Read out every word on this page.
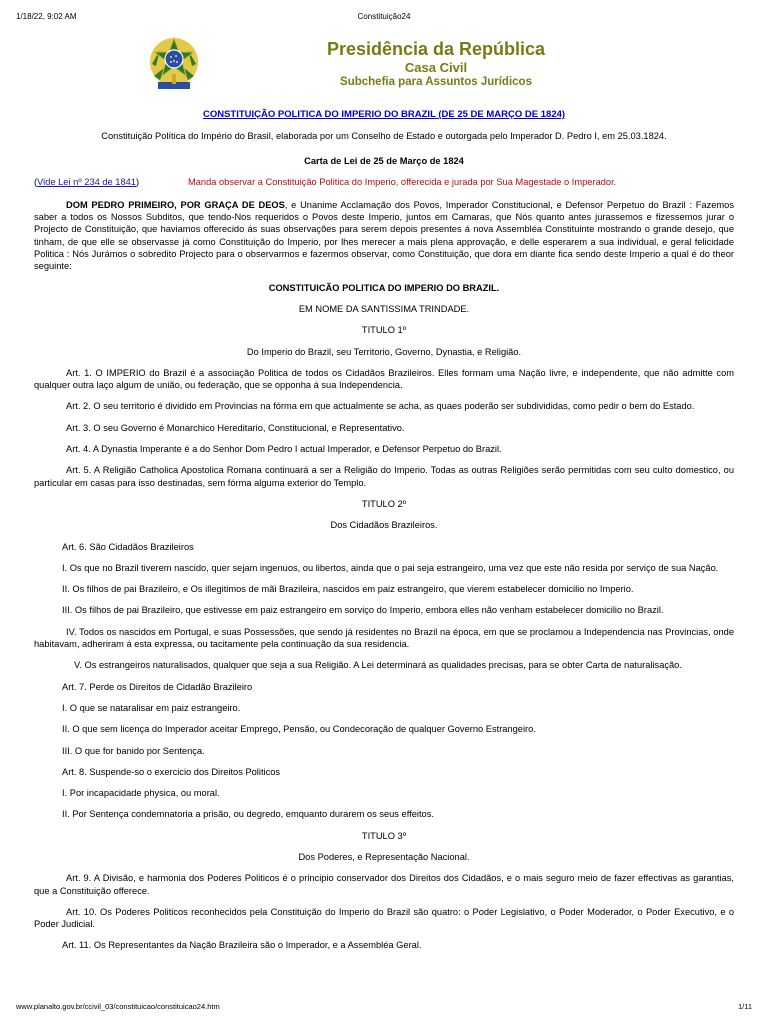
1/18/22, 9:02 AM	Constituição24
Presidência da República
Casa Civil
Subchefia para Assuntos Jurídicos

CONSTITUIÇÃO POLITICA DO IMPERIO DO BRAZIL (DE 25 DE MARÇO DE 1824)

Constituição Política do Império do Brasil, elaborada por um Conselho de Estado e outorgada pelo Imperador D. Pedro I, em 25.03.1824.

Carta de Lei de 25 de Março de 1824

(Vide Lei nº 234 de 1841)	Manda observar a Constituição Politica do Imperio, offerecida e jurada por Sua Magestade o Imperador.

DOM PEDRO PRIMEIRO, POR GRAÇA DE DEOS, e Unanime Acclamação dos Povos, Imperador Constitucional, e Defensor Perpetuo do Brazil : Fazemos saber a todos os Nossos Subditos, que tendo-Nos requeridos o Povos deste Imperio, juntos em Camaras, que Nós quanto antes jurassemos e fizessemos jurar o Projecto de Constituição, que haviamos offerecido ás suas observações para serem depois presentes á nova Assembléa Constituinte mostrando o grande desejo, que tinham, de que elle se observasse já como Constituição do Imperio, por lhes merecer a mais plena approvação, e delle esperarem a sua individual, e geral felicidade Politica : Nós Jurámos o sobredito Projecto para o observarmos e fazermos observar, como Constituição, que dora em diante fica sendo deste Imperio a qual é do theor seguinte:

CONSTITUICÃO POLITICA DO IMPERIO DO BRAZIL.

EM NOME DA SANTISSIMA TRINDADE.

TITULO 1º

Do Imperio do Brazil, seu Territorio, Governo, Dynastia, e Religião.

Art. 1. O IMPERIO do Brazil é a associação Politica de todos os Cidadãos Brazileiros. Elles formam uma Nação livre, e independente, que não admitte com qualquer outra laço algum de união, ou federação, que se opponha á sua Independencia.

Art. 2. O seu territorio é dividido em Provincias na fórma em que actualmente se acha, as quaes poderão ser subdivididas, como pedir o bem do Estado.

Art. 3. O seu Governo é Monarchico Hereditario, Constitucional, e Representativo.

Art. 4. A Dynastia Imperante é a do Senhor Dom Pedro I actual Imperador, e Defensor Perpetuo do Brazil.

Art. 5. A Religião Catholica Apostolica Romana continuará a ser a Religião do Imperio. Todas as outras Religiões serão permitidas com seu culto domestico, ou particular em casas para isso destinadas, sem fórma alguma exterior do Templo.

TITULO 2º

Dos Cidadãos Brazileiros.

Art. 6. São Cidadãos Brazileiros

I. Os que no Brazil tiverem nascido, quer sejam ingenuos, ou libertos, ainda que o pai seja estrangeiro, uma vez que este não resida por serviço de sua Nação.

II. Os filhos de pai Brazileiro, e Os illegitimos de mãi Brazileira, nascidos em paiz estrangeiro, que vierem estabelecer domicilio no Imperio.

III. Os filhos de pai Brazileiro, que estivesse em paiz estrangeiro em sorviço do Imperio, embora elles não venham estabelecer domicilio no Brazil.

IV. Todos os nascidos em Portugal, e suas Possessões, que sendo já residentes no Brazil na época, em que se proclamou a Independencia nas Provincias, onde habitavam, adheriram á esta expressa, ou tacitamente pela continuação da sua residencia.

V. Os estrangeiros naturalisados, qualquer que seja a sua Religião. A Lei determinará as qualidades precisas, para se obter Carta de naturalisação.

Art. 7. Perde os Direitos de Cidadão Brazileiro

I. O que se nataralisar em paiz estrangeiro.

II. O que sem licença do Imperador aceitar Emprego, Pensão, ou Condecoração de qualquer Governo Estrangeiro.

III. O que for banido por Sentença.

Art. 8. Suspende-so o exercicio dos Direitos Politicos

I. Por incapacidade physica, ou moral.

II. Por Sentença condemnatoria a prisão, ou degredo, emquanto durarem os seus effeitos.

TITULO 3º

Dos Poderes, e Representação Nacional.

Art. 9. A Divisão, e harmonia dos Poderes Politicos é o principio conservador dos Direitos dos Cidadãos, e o mais seguro meio de fazer effectivas as garantias, que a Constituição offerece.

Art. 10. Os Poderes Politicos reconhecidos pela Constituição do Imperio do Brazil são quatro: o Poder Legislativo, o Poder Moderador, o Poder Executivo, e o Poder Judicial.

Art. 11. Os Representantes da Nação Brazileira são o Imperador, e a Assembléa Geral.

www.planalto.gov.br/ccivil_03/constituicao/constituicao24.htm	1/11
